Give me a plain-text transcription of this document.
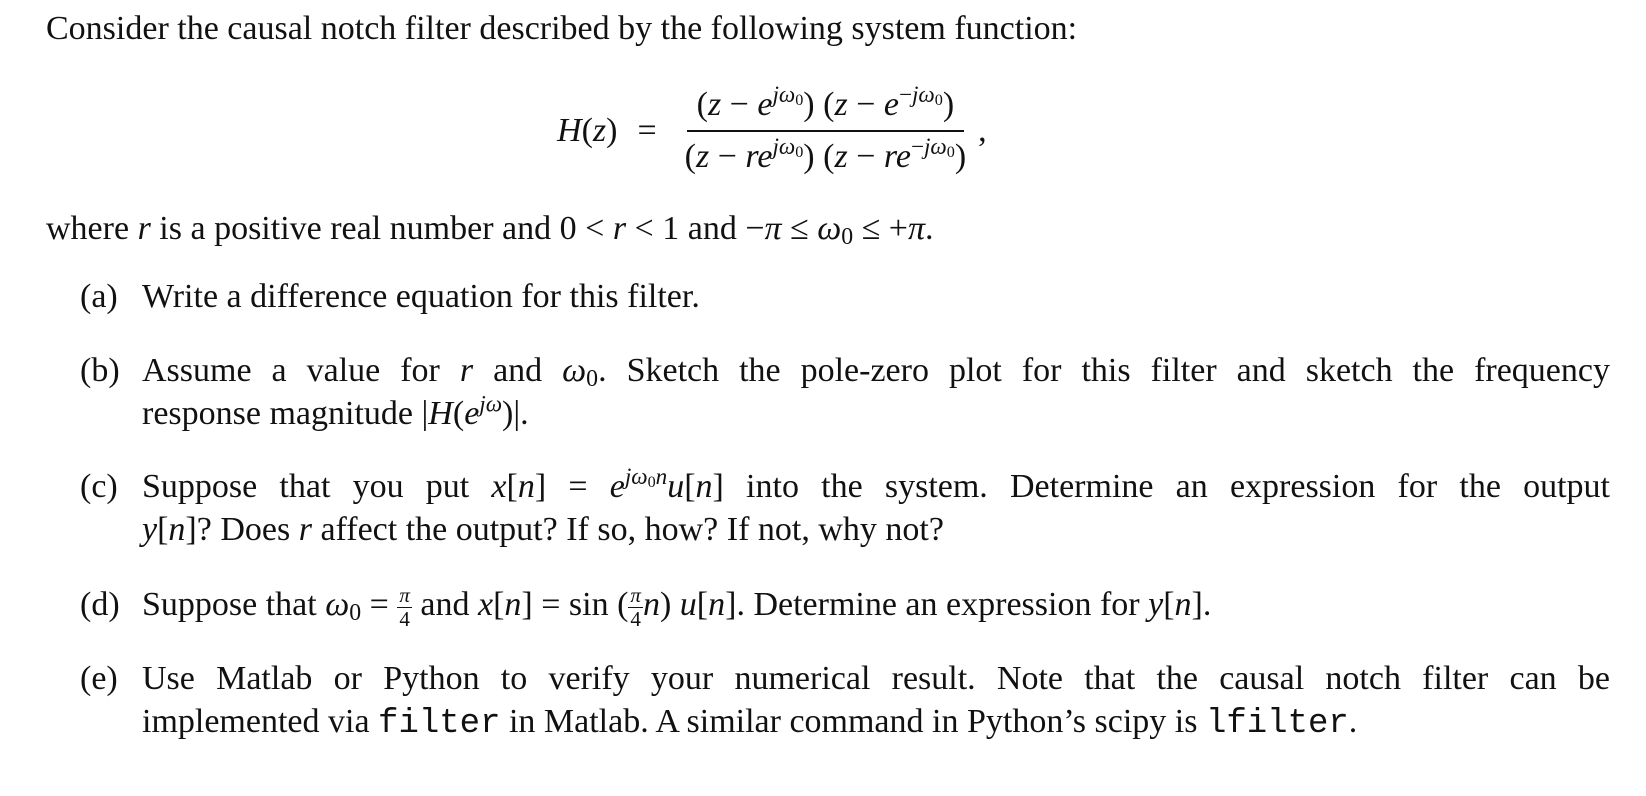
Consider the causal notch filter described by the following system function:
$H(z) = \frac{(z - e^{j\omega_0}) (z - e^{-j\omega_0})}{(z - re^{j\omega_0}) (z - re^{-j\omega_0})}$ ,
where r is a positive real number and 0 < r < 1 and $-\pi \le \omega_0 \le +\pi$.
(a) Write a difference equation for this filter.
(b) Assume a value for r and $\omega_0$. Sketch the pole-zero plot for this filter and sketch the frequency
response magnitude $|H(e^{j\omega})|$.
(c) Suppose that you put $x[n] = e^{j\omega_0n}u[n]$ into the system. Determine an expression for the output
y[n]? Does r affect the output? If so, how? If not, why not?
(d) Suppose that $\omega_0 = \frac{\pi}{4}$ and x[n] = sin ( $\frac{\pi}{4} n$) u[n]. Determine an expression for y[n].
(e) Use Matlab or Python to verify your numerical result. Note that the causal notch filter can be
implemented via filter in Matlab. A similar command in Python’s scipy is lfilter.
